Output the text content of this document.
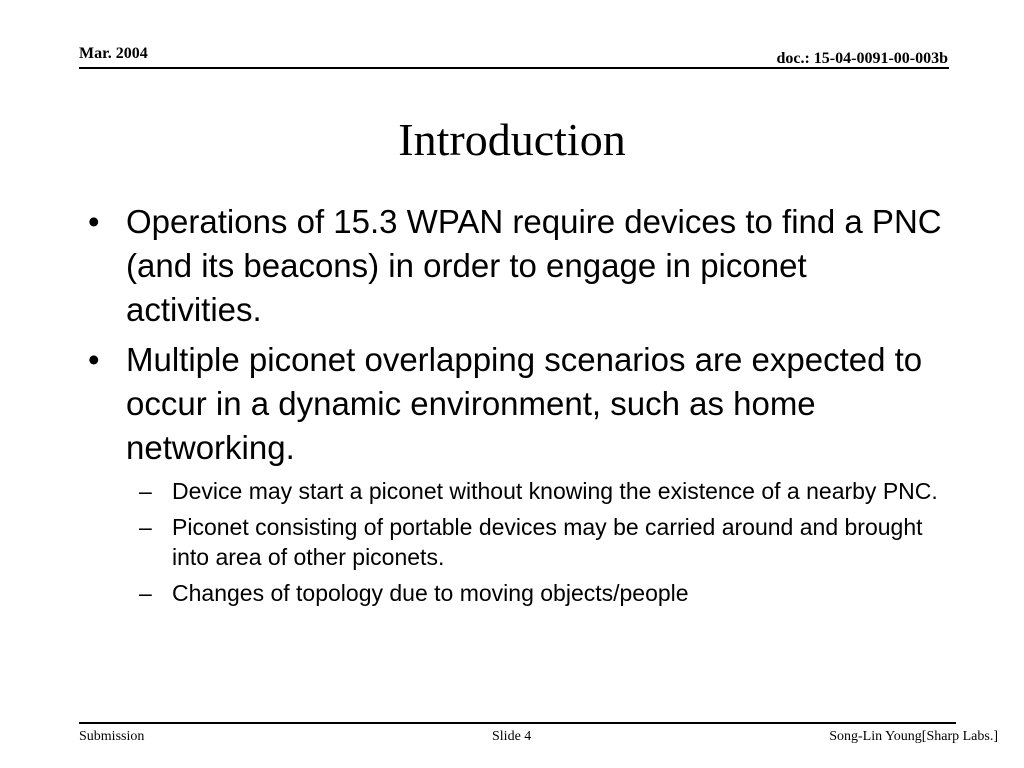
Mar. 2004	doc.: 15-04-0091-00-003b
Introduction
• Operations of 15.3 WPAN require devices to find a PNC (and its beacons) in order to engage in piconet activities.
• Multiple piconet overlapping scenarios are expected to occur in a dynamic environment, such as home networking.
– Device may start a piconet without knowing the existence of a nearby PNC.
– Piconet consisting of portable devices may be carried around and brought into area of other piconets.
– Changes of topology due to moving objects/people
Submission	Slide 4	Song-Lin Young[Sharp Labs.]
